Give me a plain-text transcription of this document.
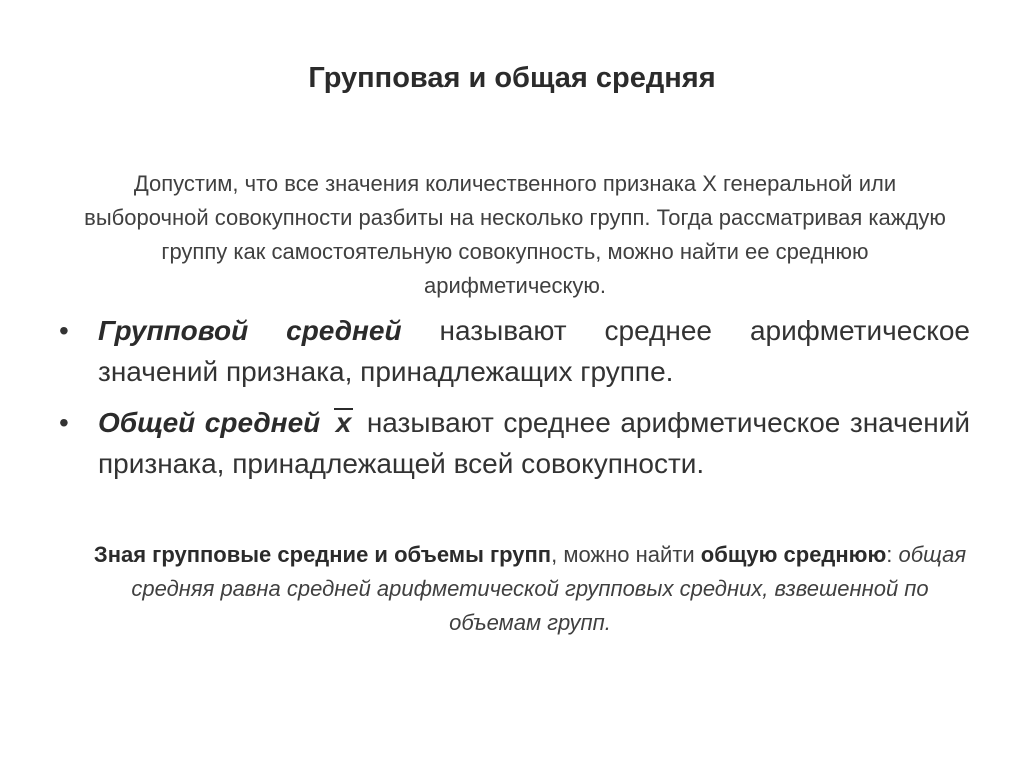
Групповая и общая средняя
Допустим, что все значения количественного признака X генеральной или выборочной совокупности разбиты на несколько групп. Тогда рассматривая каждую группу как самостоятельную совокупность, можно найти ее среднюю арифметическую.
• Групповой средней называют среднее арифметическое значений признака, принадлежащих группе.
• Общей средней x называют среднее арифметическое значений признака, принадлежащей всей совокупности.
Зная групповые средние и объемы групп, можно найти общую среднюю: общая средняя равна средней арифметической групповых средних, взвешенной по объемам групп.
